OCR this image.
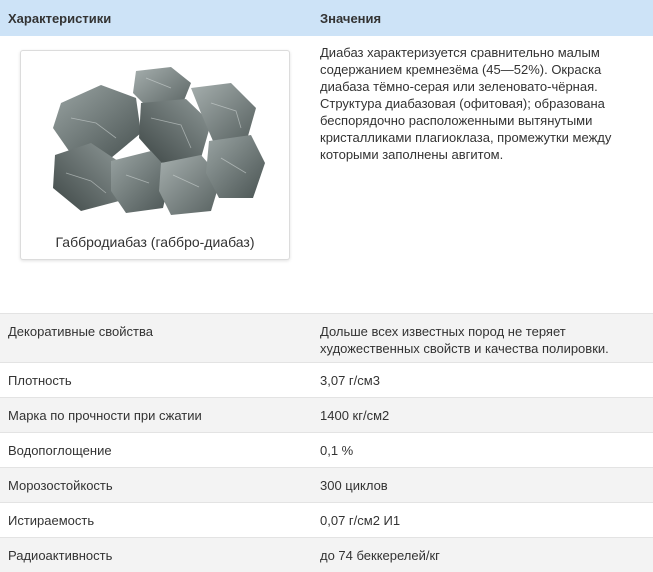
Характеристики	Значения

Габбродиабаз (габбро-диабаз)	Диабаз характеризуется сравнительно малым содержанием кремнезёма (45—52%). Окраска диабаза тёмно-серая или зеленовато-чёрная. Структура диабазовая (офитовая); образована беспорядочно расположенными вытянутыми кристалликами плагиоклаза, промежутки между которыми заполнены авгитом.

Декоративные свойства	Дольше всех известных пород не теряет художественных свойств и качества полировки.

Плотность	3,07 г/см3
Марка по прочности при сжатии	1400 кг/см2
Водопоглощение	0,1 %
Морозостойкость	300 циклов
Истираемость	0,07 г/см2 И1
Радиоактивность	до 74 беккерелей/кг
